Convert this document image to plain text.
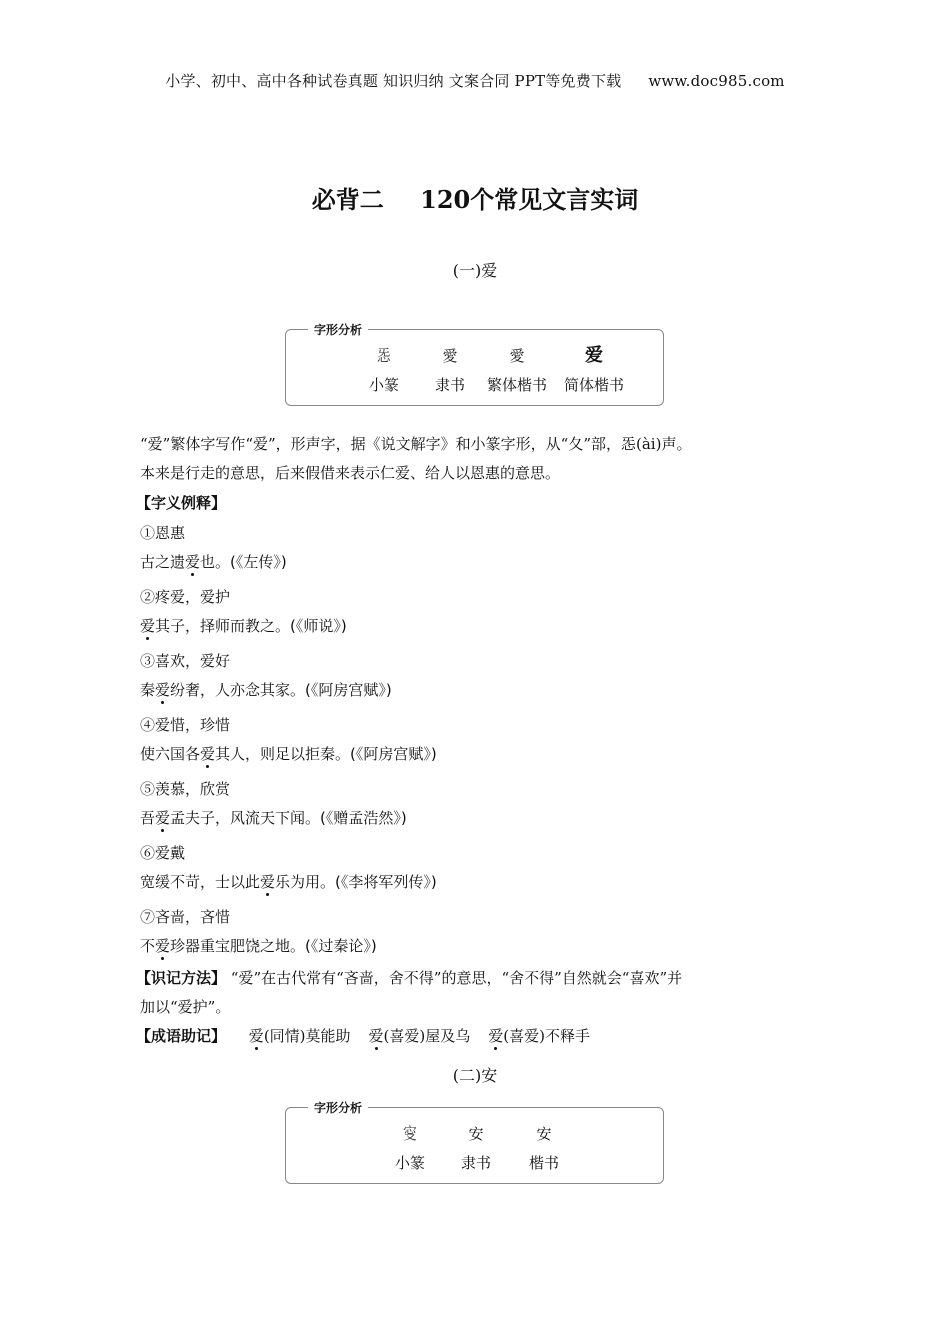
小学、初中、高中各种试卷真题 知识归纳 文案合同 PPT等免费下载 www.doc985.com
必背二 120个常见文言实词
(一)爱
字形分析
㤅
小篆
愛
隶书
愛
繁体楷书
爱
简体楷书
“爱”繁体字写作“爱”，形声字，据《说文解字》和小篆字形，从“夂”部，㤅(ài)声。
本来是行走的意思，后来假借来表示仁爱、给人以恩惠的意思。
【字义例释】
①恩惠
古之遗爱也。(《左传》)
②疼爱，爱护
爱其子，择师而教之。(《师说》)
③喜欢，爱好
秦爱纷奢，人亦念其家。(《阿房宫赋》)
④爱惜，珍惜
使六国各爱其人，则足以拒秦。(《阿房宫赋》)
⑤羡慕，欣赏
吾爱孟夫子，风流天下闻。(《赠孟浩然》)
⑥爱戴
宽缓不苛，士以此爱乐为用。(《李将军列传》)
⑦吝啬，吝惜
不爱珍器重宝肥饶之地。(《过秦论》)
【识记方法】 “爱”在古代常有“吝啬，舍不得”的意思，“舍不得”自然就会“喜欢”并
加以“爱护”。
【成语助记】 爱(同情)莫能助 爱(喜爱)屋及乌 爱(喜爱)不释手
(二)安
字形分析
㝕
小篆
安
隶书
安
楷书
